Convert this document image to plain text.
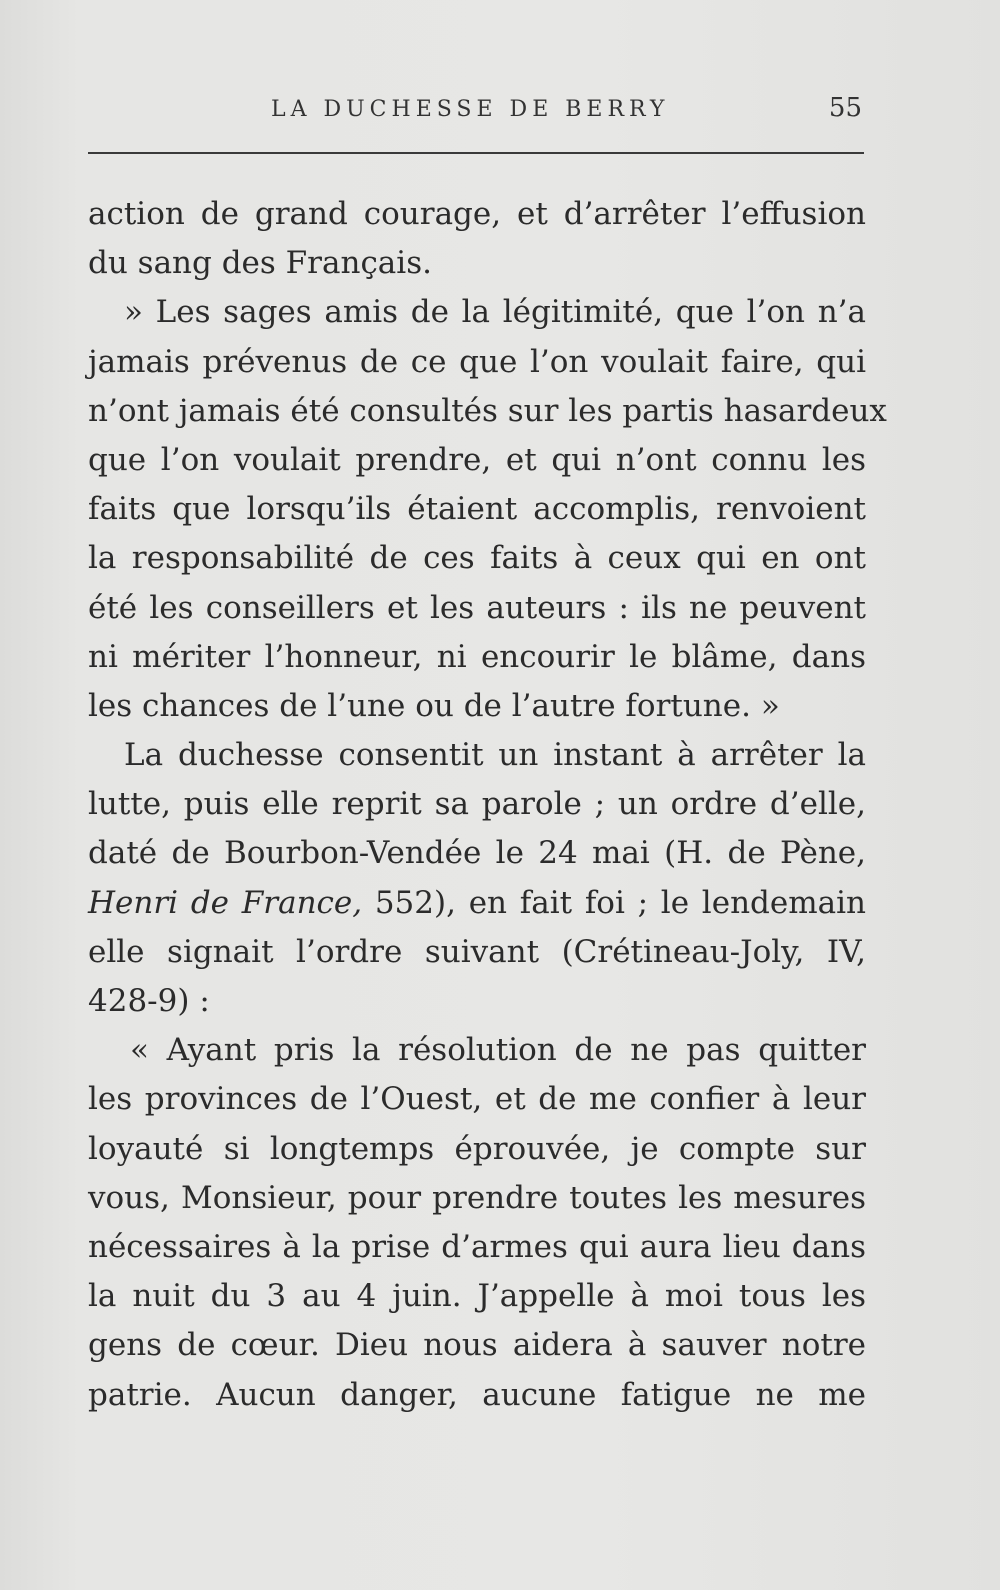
LA DUCHESSE DE BERRY	55
action de grand courage, et d’arrêter l’effusion
du sang des Français.
» Les sages amis de la légitimité, que l’on n’a
jamais prévenus de ce que l’on voulait faire, qui
n’ont jamais été consultés sur les partis hasardeux
que l’on voulait prendre, et qui n’ont connu les
faits que lorsqu’ils étaient accomplis, renvoient
la responsabilité de ces faits à ceux qui en ont
été les conseillers et les auteurs : ils ne peuvent
ni mériter l’honneur, ni encourir le blâme, dans
les chances de l’une ou de l’autre fortune. »
La duchesse consentit un instant à arrêter la
lutte, puis elle reprit sa parole ; un ordre d’elle,
daté de Bourbon-Vendée le 24 mai (H. de Pène,
Henri de France, 552), en fait foi ; le lendemain
elle signait l’ordre suivant (Crétineau-Joly, IV,
428-9) :
« Ayant pris la résolution de ne pas quitter
les provinces de l’Ouest, et de me confier à leur
loyauté si longtemps éprouvée, je compte sur
vous, Monsieur, pour prendre toutes les mesures
nécessaires à la prise d’armes qui aura lieu dans
la nuit du 3 au 4 juin. J’appelle à moi tous les
gens de cœur. Dieu nous aidera à sauver notre
patrie. Aucun danger, aucune fatigue ne me
